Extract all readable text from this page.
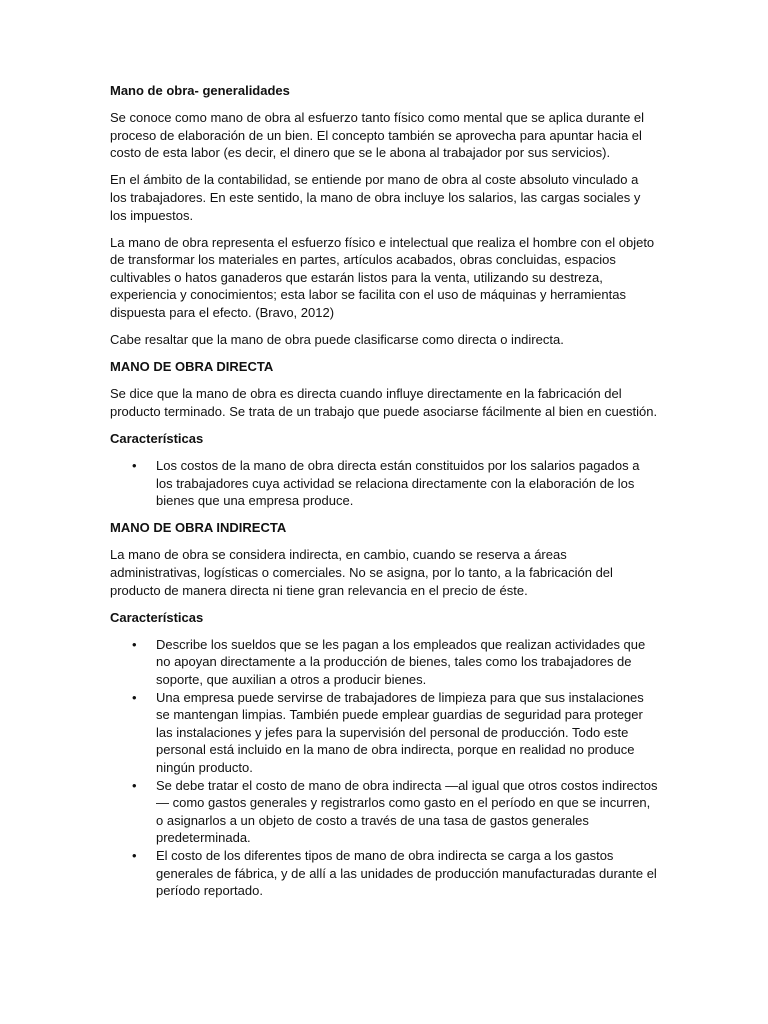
Mano de obra- generalidades

Se conoce como mano de obra al esfuerzo tanto físico como mental que se aplica durante el proceso de elaboración de un bien. El concepto también se aprovecha para apuntar hacia el costo de esta labor (es decir, el dinero que se le abona al trabajador por sus servicios).

En el ámbito de la contabilidad, se entiende por mano de obra al coste absoluto vinculado a los trabajadores. En este sentido, la mano de obra incluye los salarios, las cargas sociales y los impuestos.

La mano de obra representa el esfuerzo físico e intelectual que realiza el hombre con el objeto de transformar los materiales en partes, artículos acabados, obras concluidas, espacios cultivables o hatos ganaderos que estarán listos para la venta, utilizando su destreza, experiencia y conocimientos; esta labor se facilita con el uso de máquinas y herramientas dispuesta para el efecto. (Bravo, 2012)

Cabe resaltar que la mano de obra puede clasificarse como directa o indirecta.

MANO DE OBRA DIRECTA

Se dice que la mano de obra es directa cuando influye directamente en la fabricación del producto terminado. Se trata de un trabajo que puede asociarse fácilmente al bien en cuestión.

Características
• Los costos de la mano de obra directa están constituidos por los salarios pagados a los trabajadores cuya actividad se relaciona directamente con la elaboración de los bienes que una empresa produce.
MANO DE OBRA INDIRECTA

La mano de obra se considera indirecta, en cambio, cuando se reserva a áreas administrativas, logísticas o comerciales. No se asigna, por lo tanto, a la fabricación del producto de manera directa ni tiene gran relevancia en el precio de éste.

Características
• Describe los sueldos que se les pagan a los empleados que realizan actividades que no apoyan directamente a la producción de bienes, tales como los trabajadores de soporte, que auxilian a otros a producir bienes.
• Una empresa puede servirse de trabajadores de limpieza para que sus instalaciones se mantengan limpias. También puede emplear guardias de seguridad para proteger las instalaciones y jefes para la supervisión del personal de producción. Todo este personal está incluido en la mano de obra indirecta, porque en realidad no produce ningún producto.
• Se debe tratar el costo de mano de obra indirecta —al igual que otros costos indirectos— como gastos generales y registrarlos como gasto en el período en que se incurren, o asignarlos a un objeto de costo a través de una tasa de gastos generales predeterminada.
• El costo de los diferentes tipos de mano de obra indirecta se carga a los gastos generales de fábrica, y de allí a las unidades de producción manufacturadas durante el período reportado.
